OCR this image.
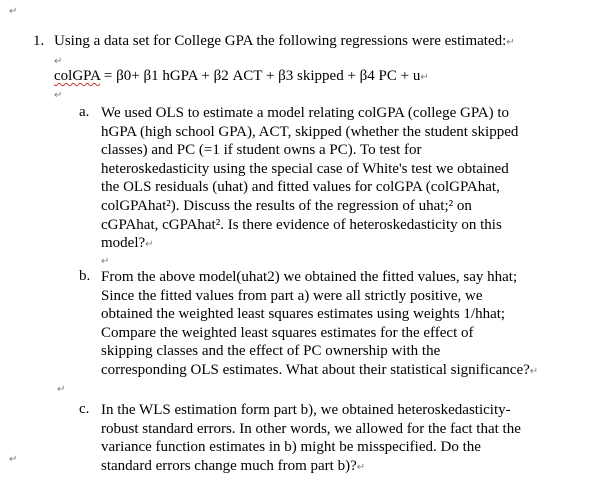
↵
↵
↵
1. Using a data set for College GPA the following regressions were estimated:↵
↵
colGPA = β0+ β1 hGPA + β2 ACT + β3 skipped + β4 PC + u↵
↵
a. We used OLS to estimate a model relating colGPA (college GPA) to
hGPA (high school GPA), ACT, skipped (whether the student skipped
classes) and PC (=1 if student owns a PC). To test for
heteroskedasticity using the special case of White's test we obtained
the OLS residuals (uhat) and fitted values for colGPA (colGPAhat,
colGPAhat²). Discuss the results of the regression of uhat;² on
cGPAhat, cGPAhat². Is there evidence of heteroskedasticity on this
model?↵
↵
b. From the above model(uhat2) we obtained the fitted values, say hhat;
Since the fitted values from part a) were all strictly positive, we
obtained the weighted least squares estimates using weights 1/hhat;
Compare the weighted least squares estimates for the effect of
skipping classes and the effect of PC ownership with the
corresponding OLS estimates. What about their statistical significance?↵
c. In the WLS estimation form part b), we obtained heteroskedasticity-
robust standard errors. In other words, we allowed for the fact that the
variance function estimates in b) might be misspecified. Do the
standard errors change much from part b)?↵
